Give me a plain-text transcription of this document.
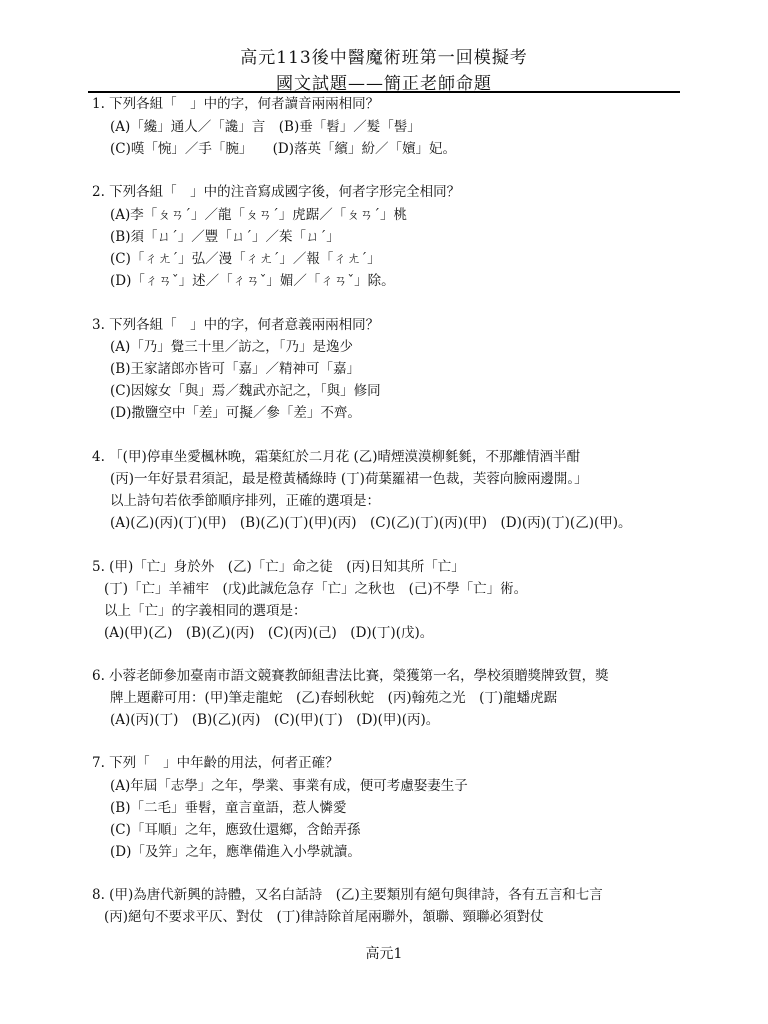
高元113後中醫魔術班第一回模擬考
國文試題——簡正老師命題
1. 下列各組「　」中的字，何者讀音兩兩相同？
(A)「纔」通人／「讒」言　(B)垂「髫」／髮「髻」
(C)嘆「惋」／手「腕」　　(D)落英「繽」紛／「嬪」妃。
2. 下列各組「　」中的注音寫成國字後，何者字形完全相同？
(A)李「ㄆㄢˊ」／龍「ㄆㄢˊ」虎踞／「ㄆㄢˊ」桃
(B)須「ㄩˊ」／豐「ㄩˊ」／茱「ㄩˊ」
(C)「ㄔㄤˊ」弘／漫「ㄔㄤˊ」／報「ㄔㄤˊ」
(D)「ㄔㄢˇ」述／「ㄔㄢˇ」媚／「ㄔㄢˇ」除。
3. 下列各組「　」中的字，何者意義兩兩相同？
(A)「乃」覺三十里／訪之，「乃」是逸少
(B)王家諸郎亦皆可「嘉」／精神可「嘉」
(C)因嫁女「與」焉／魏武亦記之，「與」修同
(D)撒鹽空中「差」可擬／參「差」不齊。
4. 「(甲)停車坐愛楓林晚，霜葉紅於二月花 (乙)晴煙漠漠柳毿毿，不那離情酒半酣
(丙)一年好景君須記，最是橙黃橘綠時 (丁)荷葉羅裙一色裁，芙蓉向臉兩邊開。」
以上詩句若依季節順序排列，正確的選項是：
(A)(乙)(丙)(丁)(甲)　(B)(乙)(丁)(甲)(丙)　(C)(乙)(丁)(丙)(甲)　(D)(丙)(丁)(乙)(甲)。
5. (甲)「亡」身於外　(乙)「亡」命之徒　(丙)日知其所「亡」
(丁)「亡」羊補牢　(戊)此誠危急存「亡」之秋也　(己)不學「亡」術。
以上「亡」的字義相同的選項是：
(A)(甲)(乙)　(B)(乙)(丙)　(C)(丙)(己)　(D)(丁)(戊)。
6. 小蓉老師參加臺南市語文競賽教師組書法比賽，榮獲第一名，學校須贈獎牌致賀，獎
牌上題辭可用：(甲)筆走龍蛇　(乙)春蚓秋蛇　(丙)翰苑之光　(丁)龍蟠虎踞
(A)(丙)(丁)　(B)(乙)(丙)　(C)(甲)(丁)　(D)(甲)(丙)。
7. 下列「　」中年齡的用法，何者正確？
(A)年屆「志學」之年，學業、事業有成，便可考慮娶妻生子
(B)「二毛」垂髫，童言童語，惹人憐愛
(C)「耳順」之年，應致仕還鄉，含飴弄孫
(D)「及笄」之年，應準備進入小學就讀。
8. (甲)為唐代新興的詩體，又名白話詩　(乙)主要類別有絕句與律詩，各有五言和七言
(丙)絕句不要求平仄、對仗　(丁)律詩除首尾兩聯外，頷聯、頸聯必須對仗
高元1
